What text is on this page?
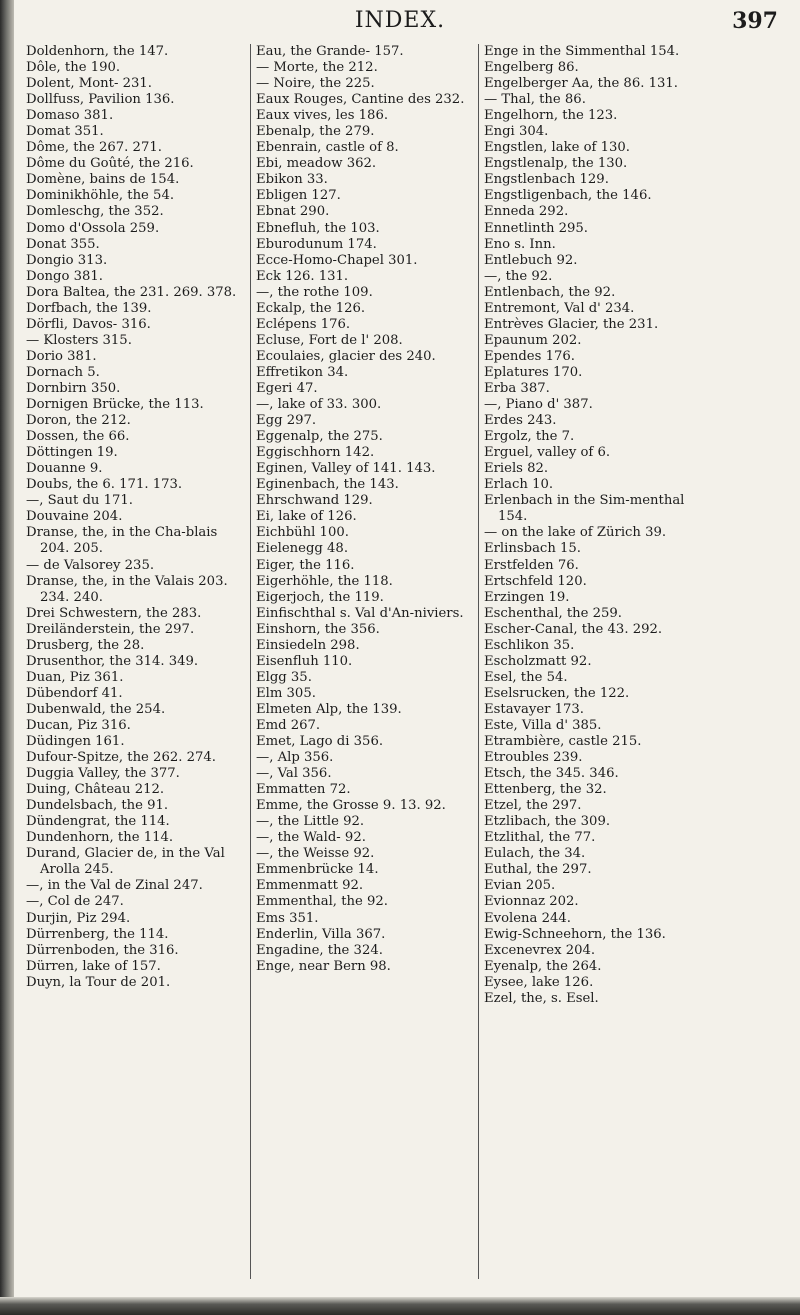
INDEX.	397
Doldenhorn, the 147.
Dôle, the 190.
Dolent, Mont- 231.
Dollfuss, Pavilion 136.
Domaso 381.
Domat 351.
Dôme, the 267. 271.
Dôme du Goûté, the 216.
Domène, bains de 154.
Dominikhöhle, the 54.
Domleschg, the 352.
Domo d'Ossola 259.
Donat 355.
Dongio 313.
Dongo 381.
Dora Baltea, the 231. 269. 378.
Dorfbach, the 139.
Dörfli, Davos- 316.
— Klosters 315.
Dorio 381.
Dornach 5.
Dornbirn 350.
Dornigen Brücke, the 113.
Doron, the 212.
Dossen, the 66.
Döttingen 19.
Douanne 9.
Doubs, the 6. 171. 173.
—, Saut du 171.
Douvaine 204.
Dranse, the, in the Cha-blais 204. 205.
— de Valsorey 235.
Dranse, the, in the Valais 203. 234. 240.
Drei Schwestern, the 283.
Dreiländerstein, the 297.
Drusberg, the 28.
Drusenthor, the 314. 349.
Duan, Piz 361.
Dübendorf 41.
Dubenwald, the 254.
Ducan, Piz 316.
Düdingen 161.
Dufour-Spitze, the 262. 274.
Duggia Valley, the 377.
Duing, Château 212.
Dundelsbach, the 91.
Dündengrat, the 114.
Dundenhorn, the 114.
Durand, Glacier de, in the Val Arolla 245.
—, in the Val de Zinal 247.
—, Col de 247.
Durjin, Piz 294.
Dürrenberg, the 114.
Dürrenboden, the 316.
Dürren, lake of 157.
Duyn, la Tour de 201.
Eau, the Grande- 157.
— Morte, the 212.
— Noire, the 225.
Eaux Rouges, Cantine des 232.
Eaux vives, les 186.
Ebenalp, the 279.
Ebenrain, castle of 8.
Ebi, meadow 362.
Ebikon 33.
Ebligen 127.
Ebnat 290.
Ebnefluh, the 103.
Eburodunum 174.
Ecce-Homo-Chapel 301.
Eck 126. 131.
—, the rothe 109.
Eckalp, the 126.
Eclépens 176.
Ecluse, Fort de l' 208.
Ecoulaies, glacier des 240.
Effretikon 34.
Egeri 47.
—, lake of 33. 300.
Egg 297.
Eggenalp, the 275.
Eggischhorn 142.
Eginen, Valley of 141. 143.
Eginenbach, the 143.
Ehrschwand 129.
Ei, lake of 126.
Eichbühl 100.
Eielenegg 48.
Eiger, the 116.
Eigerhöhle, the 118.
Eigerjoch, the 119.
Einfischthal s. Val d'An-niviers.
Einshorn, the 356.
Einsiedeln 298.
Eisenfluh 110.
Elgg 35.
Elm 305.
Elmeten Alp, the 139.
Emd 267.
Emet, Lago di 356.
—, Alp 356.
—, Val 356.
Emmatten 72.
Emme, the Grosse 9. 13. 92.
—, the Little 92.
—, the Wald- 92.
—, the Weisse 92.
Emmenbrücke 14.
Emmenmatt 92.
Emmenthal, the 92.
Ems 351.
Enderlin, Villa 367.
Engadine, the 324.
Enge, near Bern 98.
Enge in the Simmenthal 154.
Engelberg 86.
Engelberger Aa, the 86. 131.
— Thal, the 86.
Engelhorn, the 123.
Engi 304.
Engstlen, lake of 130.
Engstlenalp, the 130.
Engstlenbach 129.
Engstligenbach, the 146.
Enneda 292.
Ennetlinth 295.
Eno s. Inn.
Entlebuch 92.
—, the 92.
Entlenbach, the 92.
Entremont, Val d' 234.
Entrèves Glacier, the 231.
Epaunum 202.
Ependes 176.
Eplatures 170.
Erba 387.
—, Piano d' 387.
Erdes 243.
Ergolz, the 7.
Erguel, valley of 6.
Eriels 82.
Erlach 10.
Erlenbach in the Sim-menthal 154.
— on the lake of Zürich 39.
Erlinsbach 15.
Erstfelden 76.
Ertschfeld 120.
Erzingen 19.
Eschenthal, the 259.
Escher-Canal, the 43. 292.
Eschlikon 35.
Escholzmatt 92.
Esel, the 54.
Eselsrucken, the 122.
Estavayer 173.
Este, Villa d' 385.
Etrambière, castle 215.
Etroubles 239.
Etsch, the 345. 346.
Ettenberg, the 32.
Etzel, the 297.
Etzlibach, the 309.
Etzlithal, the 77.
Eulach, the 34.
Euthal, the 297.
Evian 205.
Evionnaz 202.
Evolena 244.
Ewig-Schneehorn, the 136.
Excenevrex 204.
Eyenalp, the 264.
Eysee, lake 126.
Ezel, the, s. Esel.
